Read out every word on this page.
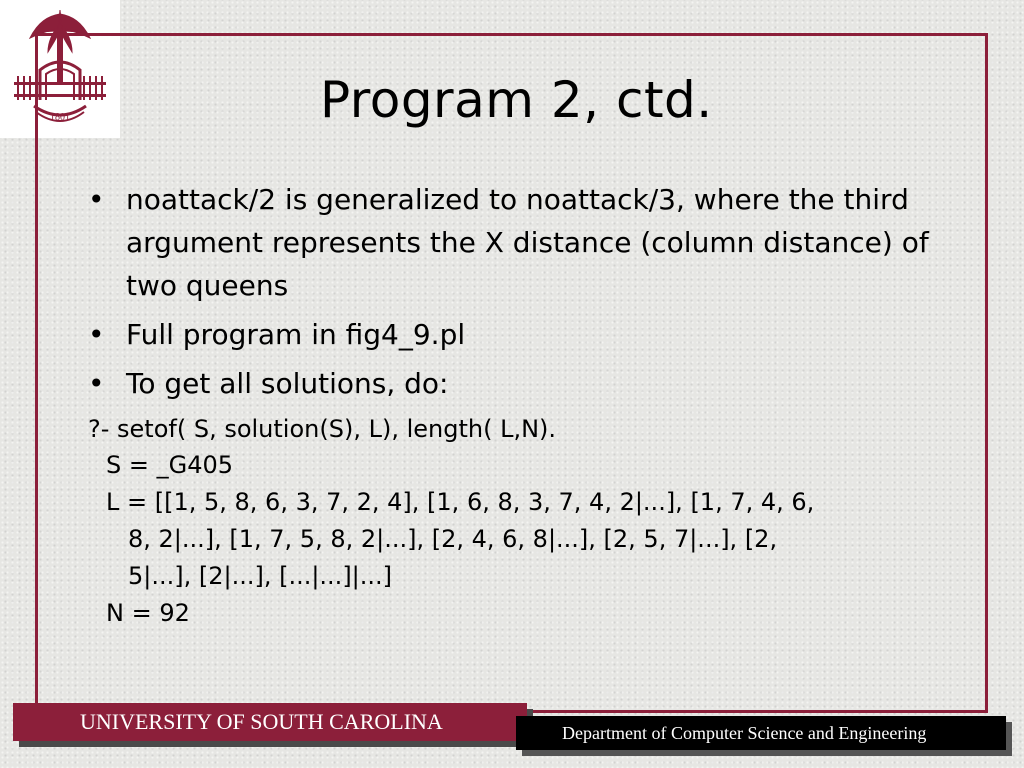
1801	Program 2, ctd.
• noattack/2 is generalized to noattack/3, where the third argument represents the X distance (column distance) of two queens
• Full program in fig4_9.pl
• To get all solutions, do:
?- setof( S, solution(S), L), length( L,N).
S = _G405
L = [[1, 5, 8, 6, 3, 7, 2, 4], [1, 6, 8, 3, 7, 4, 2|...], [1, 7, 4, 6,
8, 2|...], [1, 7, 5, 8, 2|...], [2, 4, 6, 8|...], [2, 5, 7|...], [2,
5|...], [2|...], [...|...]|...]
N = 92
UNIVERSITY OF SOUTH CAROLINA	Department of Computer Science and Engineering
